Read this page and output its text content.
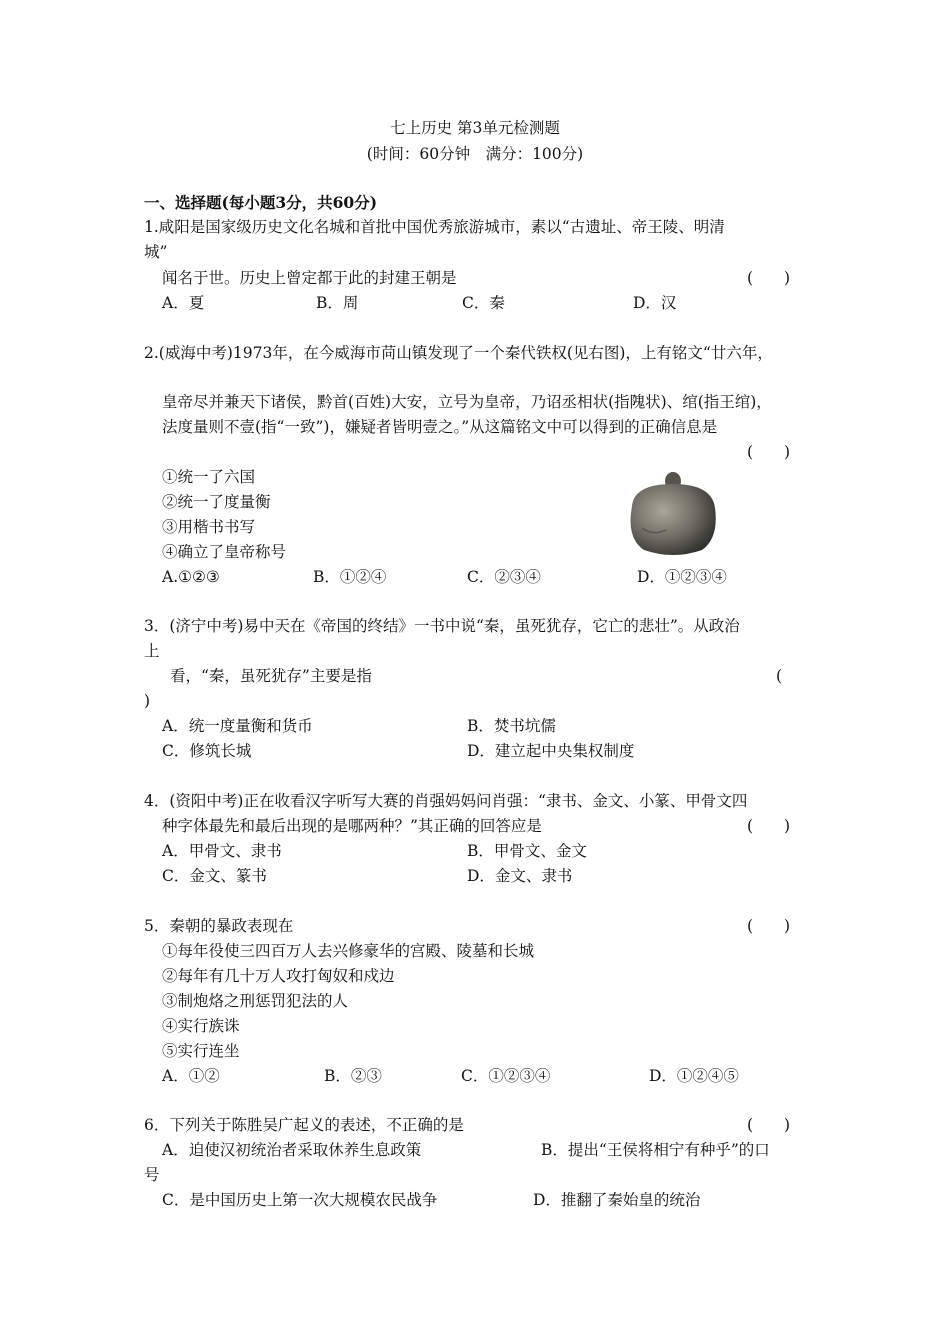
七上历史 第3单元检测题
(时间：60分钟　满分：100分)
一、选择题(每小题3分，共60分)
1.咸阳是国家级历史文化名城和首批中国优秀旅游城市，素以“古遗址、帝王陵、明清
城”
闻名于世。历史上曾定都于此的封建王朝是	(　　)
A．夏	B．周	C．秦	D．汉
2.(威海中考)1973年，在今威海市苘山镇发现了一个秦代铁权(见右图)，上有铭文“廿六年，
皇帝尽并兼天下诸侯，黔首(百姓)大安，立号为皇帝，乃诏丞相状(指隗状)、绾(指王绾)，
法度量则不壹(指“一致”)，嫌疑者皆明壹之。”从这篇铭文中可以得到的正确信息是
(　　)
①统一了六国
②统一了度量衡
③用楷书书写
④确立了皇帝称号
A.①②③	B．①②④	C．②③④	D．①②③④
3．(济宁中考)易中天在《帝国的终结》一书中说“秦，虽死犹存，它亡的悲壮”。从政治
上
看，“秦，虽死犹存”主要是指	(
)
A．统一度量衡和货币	B．焚书坑儒
C．修筑长城	D．建立起中央集权制度
4．(资阳中考)正在收看汉字听写大赛的肖强妈妈问肖强：“隶书、金文、小篆、甲骨文四
种字体最先和最后出现的是哪两种？”其正确的回答应是	(　　)
A．甲骨文、隶书	B．甲骨文、金文
C．金文、篆书	D．金文、隶书
5．秦朝的暴政表现在	(　　)
①每年役使三四百万人去兴修豪华的宫殿、陵墓和长城
②每年有几十万人攻打匈奴和戍边
③制炮烙之刑惩罚犯法的人
④实行族诛
⑤实行连坐
A．①②	B．②③	C．①②③④	D．①②④⑤
6．下列关于陈胜吴广起义的表述，不正确的是	(　　)
A．迫使汉初统治者采取休养生息政策	B．提出“王侯将相宁有种乎”的口
号
C．是中国历史上第一次大规模农民战争	D．推翻了秦始皇的统治
